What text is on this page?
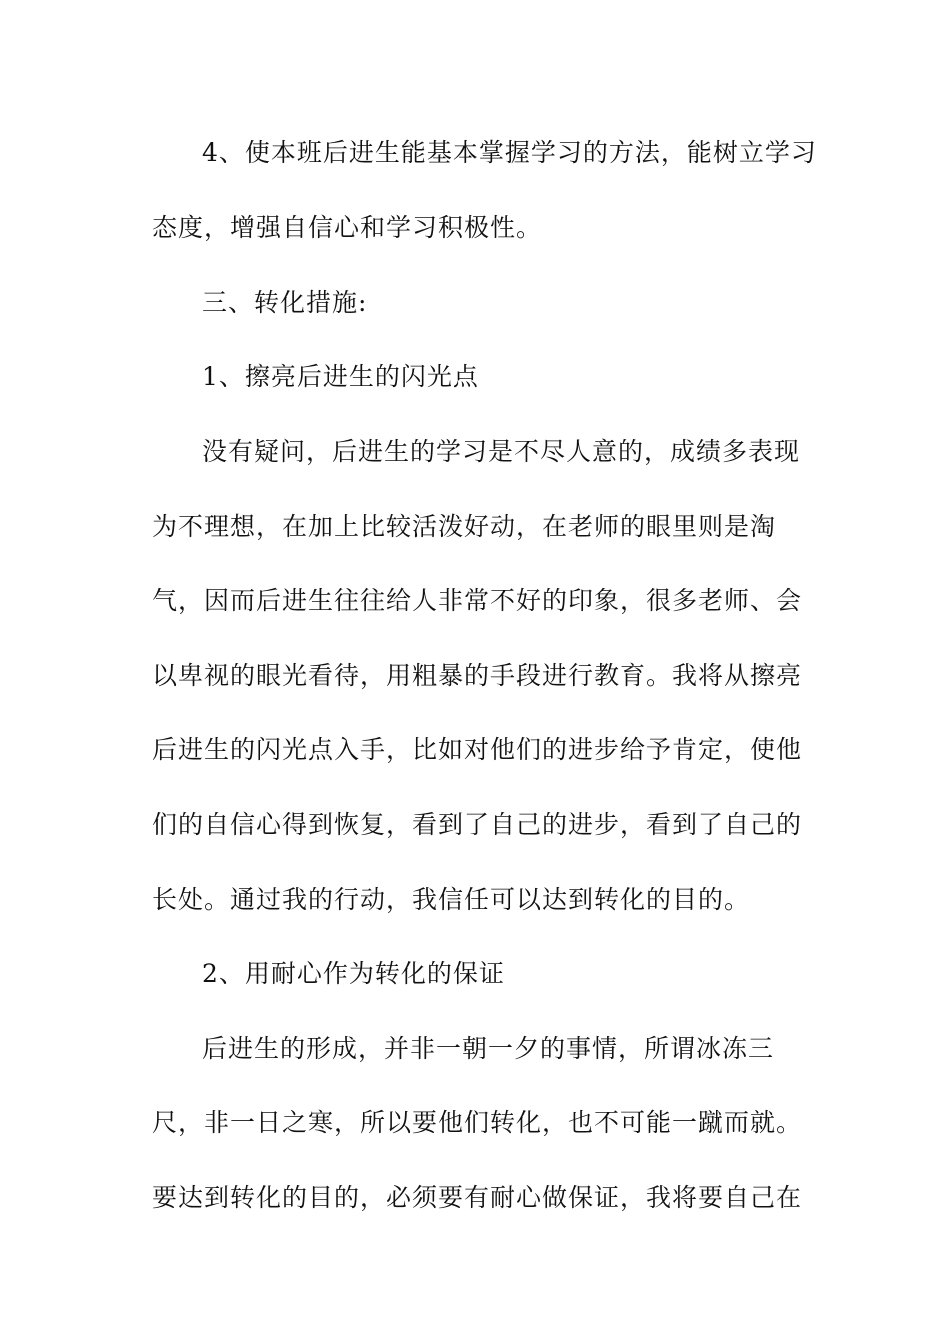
4、使本班后进生能基本掌握学习的方法，能树立学习
态度，增强自信心和学习积极性。
三、转化措施:
1、擦亮后进生的闪光点
没有疑问，后进生的学习是不尽人意的，成绩多表现
为不理想，在加上比较活泼好动，在老师的眼里则是淘
气，因而后进生往往给人非常不好的印象，很多老师、会
以卑视的眼光看待，用粗暴的手段进行教育。我将从擦亮
后进生的闪光点入手，比如对他们的进步给予肯定，使他
们的自信心得到恢复，看到了自己的进步，看到了自己的
长处。通过我的行动，我信任可以达到转化的目的。
2、用耐心作为转化的保证
后进生的形成，并非一朝一夕的事情，所谓冰冻三
尺，非一日之寒，所以要他们转化，也不可能一蹴而就。
要达到转化的目的，必须要有耐心做保证，我将要自己在
